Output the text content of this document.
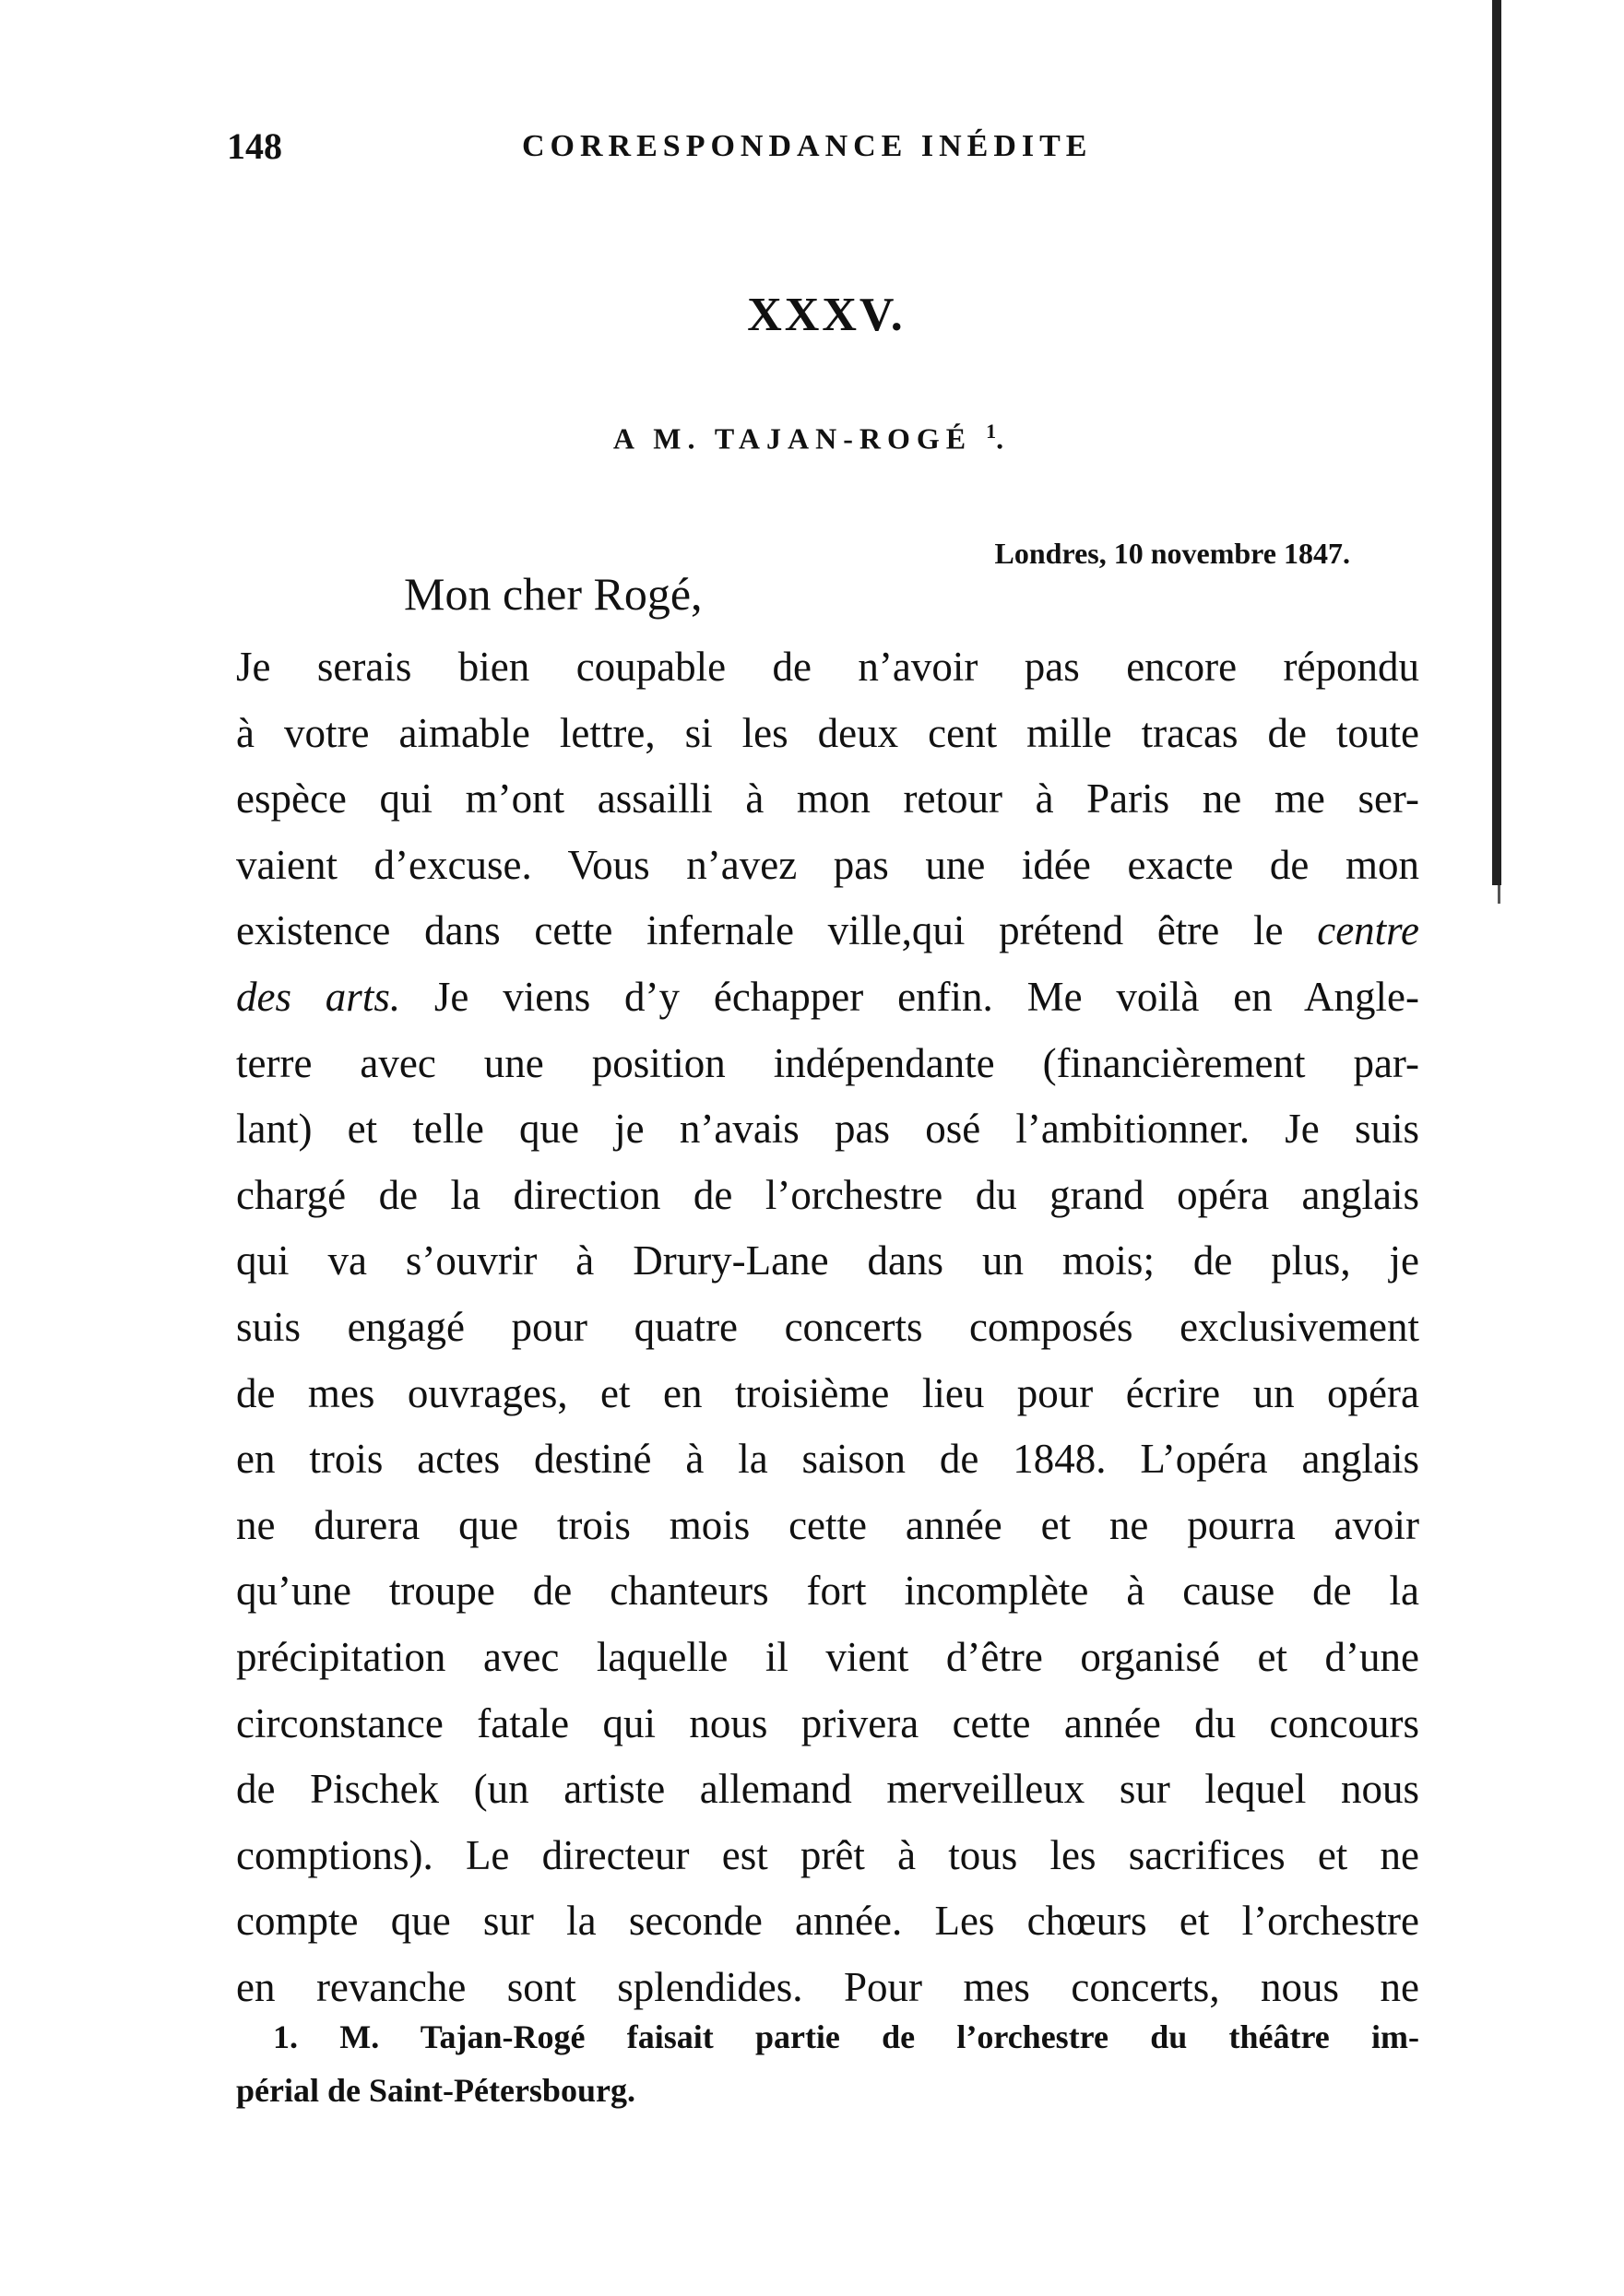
148	CORRESPONDANCE INÉDITE
XXXV.
A M. TAJAN-ROGÉ $^1$.
Londres, 10 novembre 1847.
Mon cher Rogé,
Je serais bien coupable de n’avoir pas encore répondu
à votre aimable lettre, si les deux cent mille tracas de toute
espèce qui m’ont assailli à mon retour à Paris ne me ser-
vaient d’excuse. Vous n’avez pas une idée exacte de mon
existence dans cette infernale ville,qui prétend être le centre
des arts. Je viens d’y échapper enfin. Me voilà en Angle-
terre avec une position indépendante (financièrement par-
lant) et telle que je n’avais pas osé l’ambitionner. Je suis
chargé de la direction de l’orchestre du grand opéra anglais
qui va s’ouvrir à Drury-Lane dans un mois; de plus, je
suis engagé pour quatre concerts composés exclusivement
de mes ouvrages, et en troisième lieu pour écrire un opéra
en trois actes destiné à la saison de 1848. L’opéra anglais
ne durera que trois mois cette année et ne pourra avoir
qu’une troupe de chanteurs fort incomplète à cause de la
précipitation avec laquelle il vient d’être organisé et d’une
circonstance fatale qui nous privera cette année du concours
de Pischek (un artiste allemand merveilleux sur lequel nous
comptions). Le directeur est prêt à tous les sacrifices et ne
compte que sur la seconde année. Les chœurs et l’orchestre
en revanche sont splendides. Pour mes concerts, nous ne
1. M. Tajan-Rogé faisait partie de l’orchestre du théâtre im-
périal de Saint-Pétersbourg.
